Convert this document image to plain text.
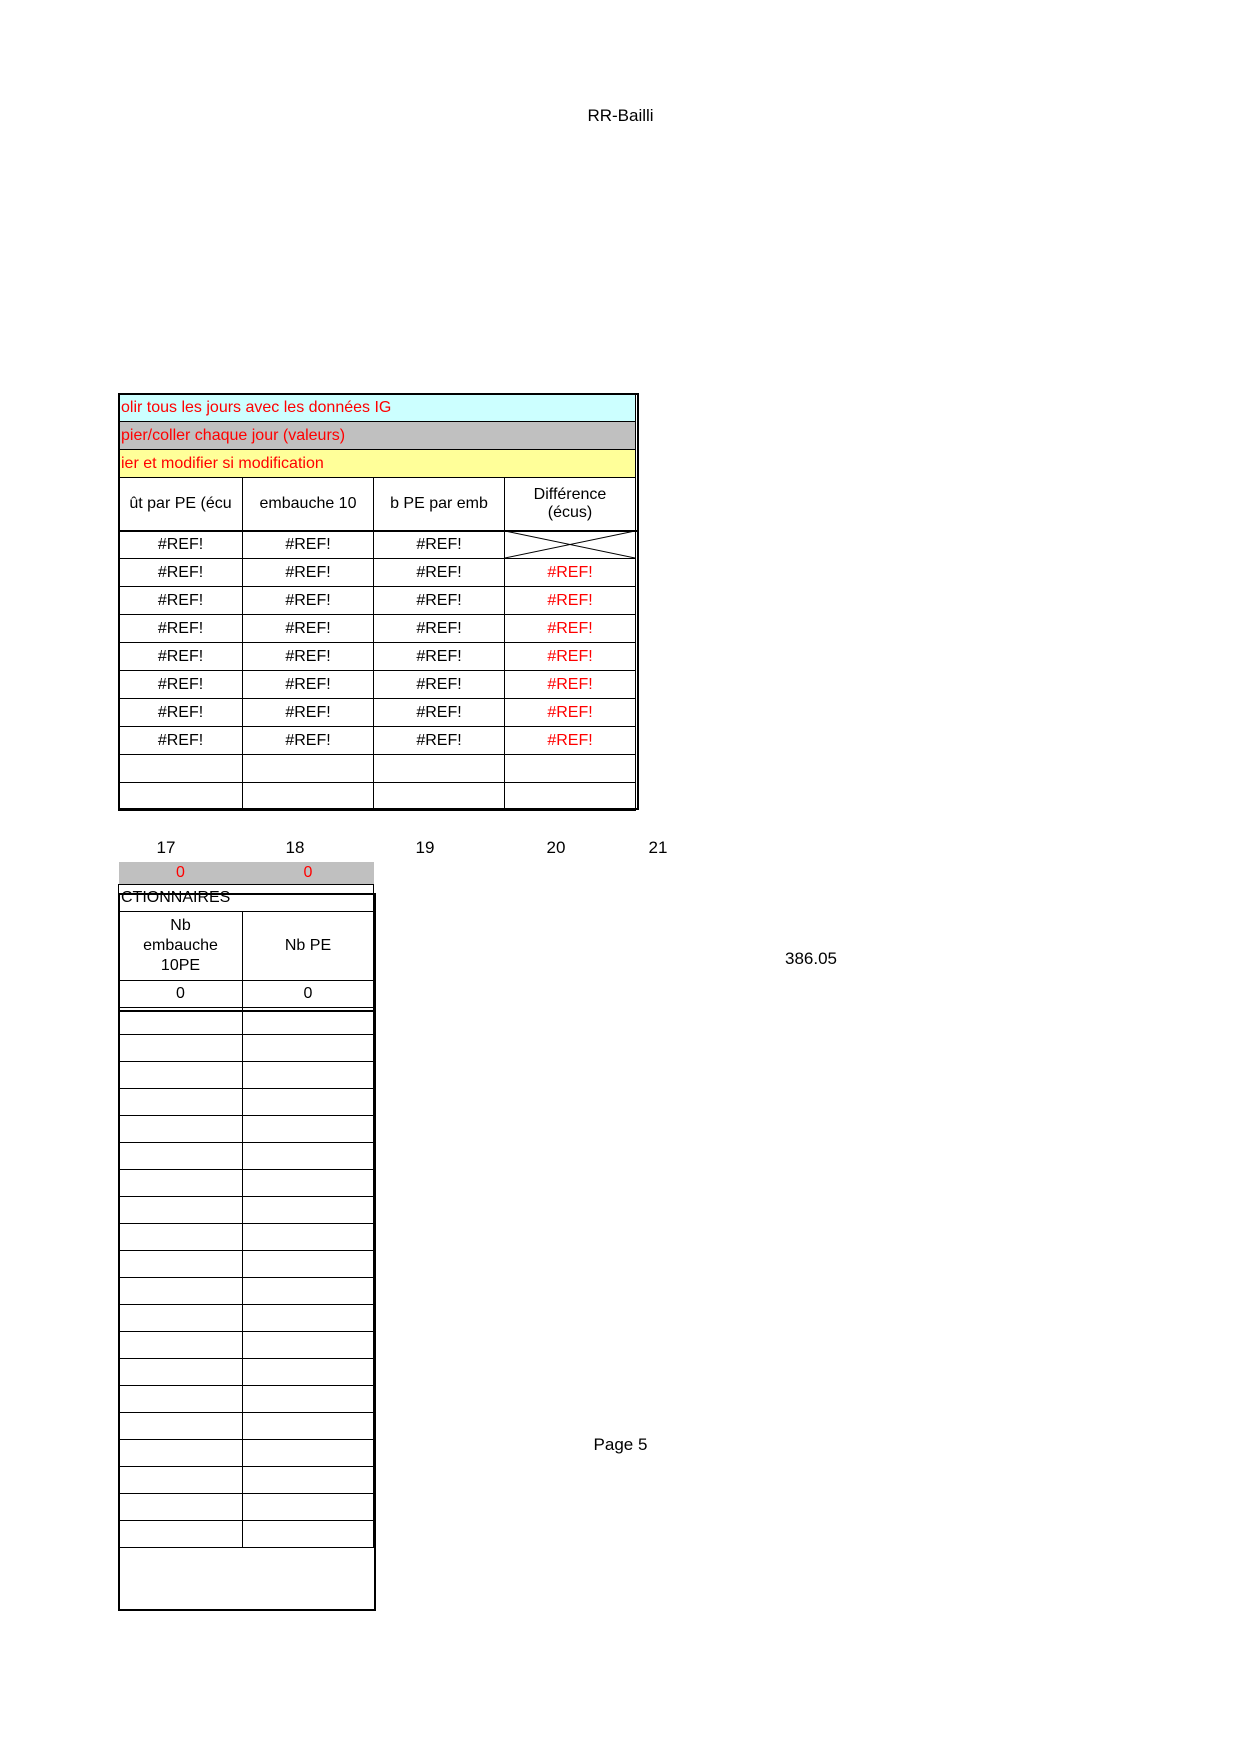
RR-Bailli
olir tous les jours avec les données IG			
pier/coller chaque jour (valeurs)			
ier et modifier si modification			
ût par PE (écu	embauche 10	b PE par emb	Différence
(écus)

#REF!	#REF!	#REF!	

#REF!	#REF!	#REF!	#REF!
#REF!	#REF!	#REF!	#REF!
#REF!	#REF!	#REF!	#REF!
#REF!	#REF!	#REF!	#REF!
#REF!	#REF!	#REF!	#REF!
#REF!	#REF!	#REF!	#REF!
#REF!	#REF!	#REF!	#REF!

17	18	19	20	21
0	0
CTIONNAIRES	

Nb
embauche
10PE	Nb PE
0	0

386.05
Page 5
